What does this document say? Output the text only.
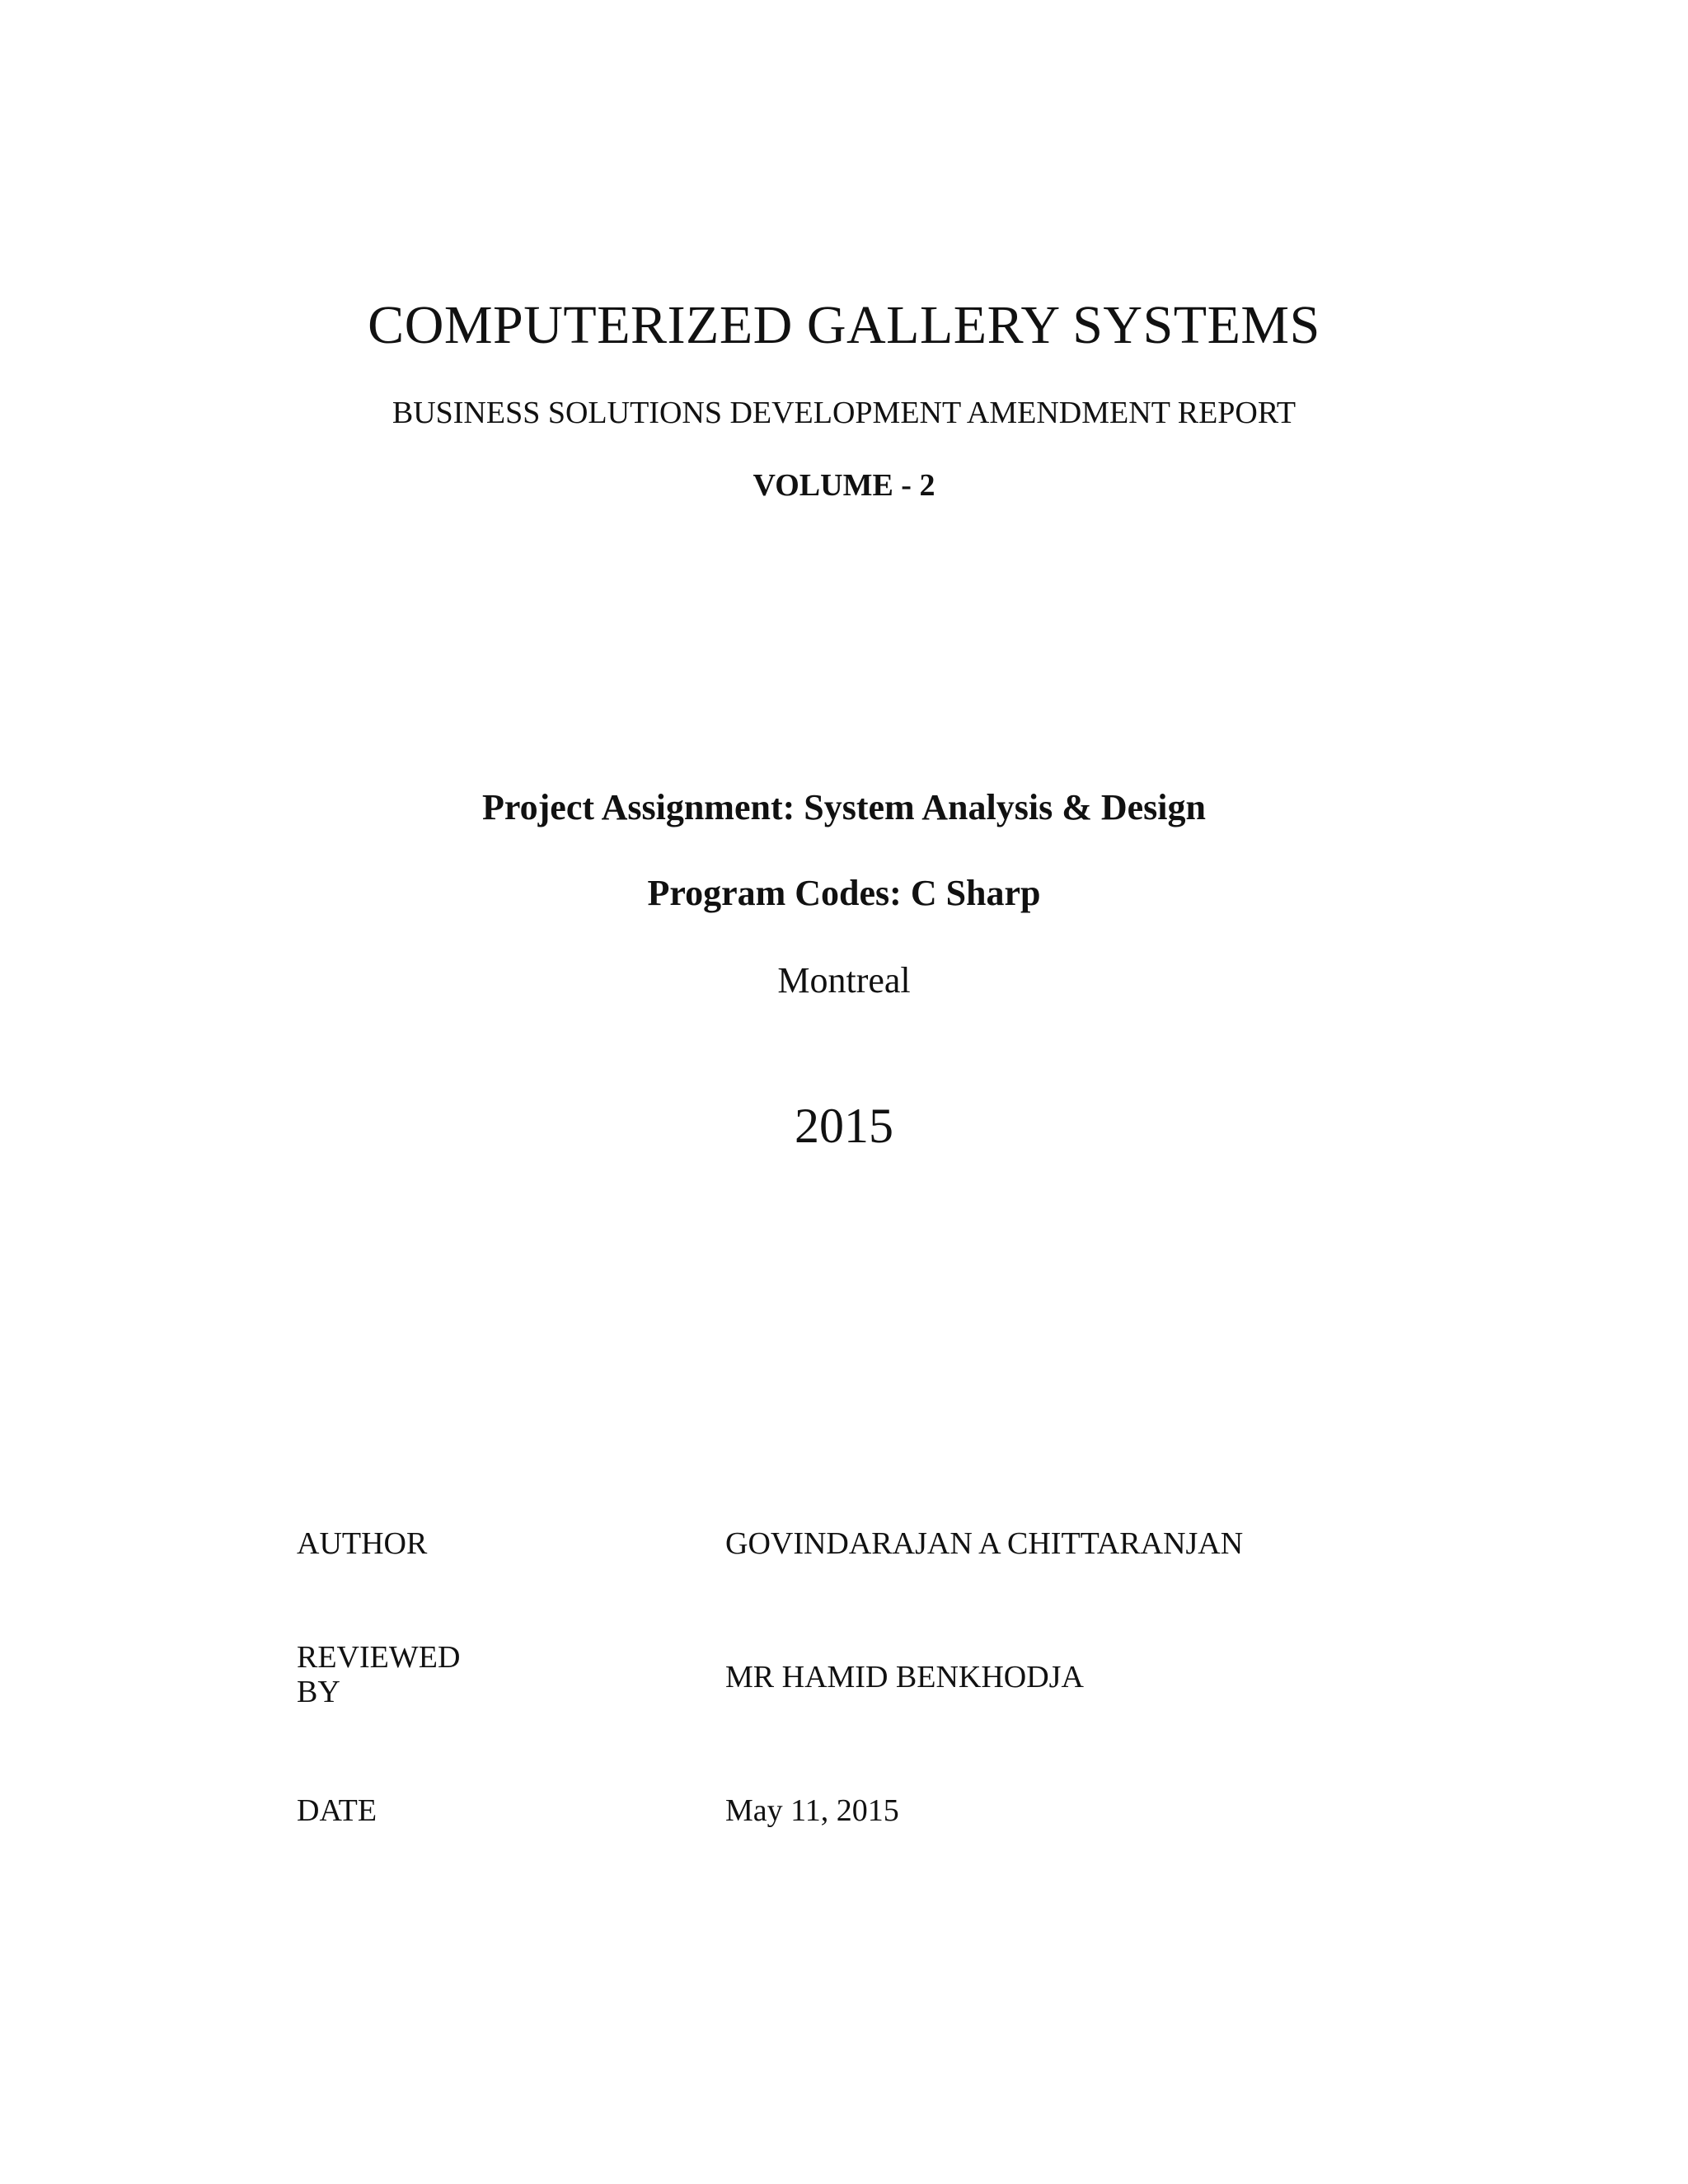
COMPUTERIZED GALLERY SYSTEMS
BUSINESS SOLUTIONS DEVELOPMENT AMENDMENT REPORT
VOLUME - 2
Project Assignment: System Analysis & Design
Program Codes: C Sharp
Montreal
2015
AUTHOR	GOVINDARAJAN A CHITTARANJAN
REVIEWED
BY	MR HAMID BENKHODJA
DATE	May 11, 2015
